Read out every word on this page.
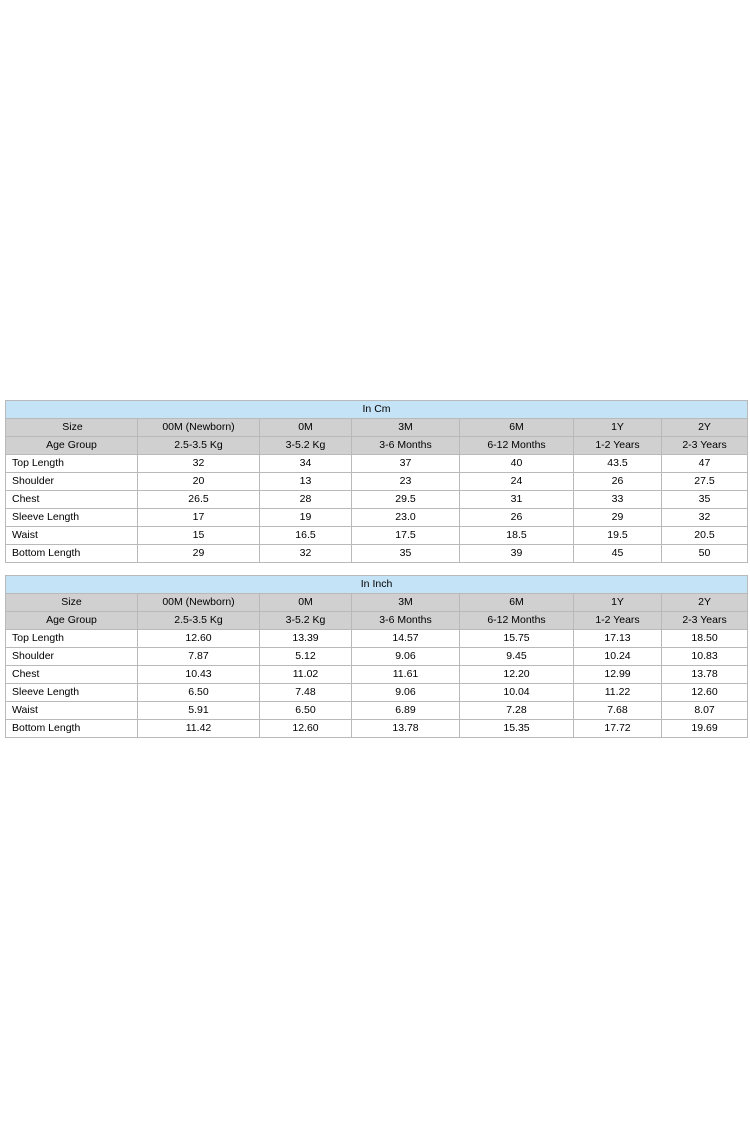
In Cm						
Size	00M (Newborn)	0M	3M	6M	1Y	2Y
Age Group	2.5-3.5 Kg	3-5.2 Kg	3-6 Months	6-12 Months	1-2 Years	2-3 Years
Top Length	32	34	37	40	43.5	47
Shoulder	20	13	23	24	26	27.5
Chest	26.5	28	29.5	31	33	35
Sleeve Length	17	19	23.0	26	29	32
Waist	15	16.5	17.5	18.5	19.5	20.5
Bottom Length	29	32	35	39	45	50
In Inch						
Size	00M (Newborn)	0M	3M	6M	1Y	2Y
Age Group	2.5-3.5 Kg	3-5.2 Kg	3-6 Months	6-12 Months	1-2 Years	2-3 Years
Top Length	12.60	13.39	14.57	15.75	17.13	18.50
Shoulder	7.87	5.12	9.06	9.45	10.24	10.83
Chest	10.43	11.02	11.61	12.20	12.99	13.78
Sleeve Length	6.50	7.48	9.06	10.04	11.22	12.60
Waist	5.91	6.50	6.89	7.28	7.68	8.07
Bottom Length	11.42	12.60	13.78	15.35	17.72	19.69
